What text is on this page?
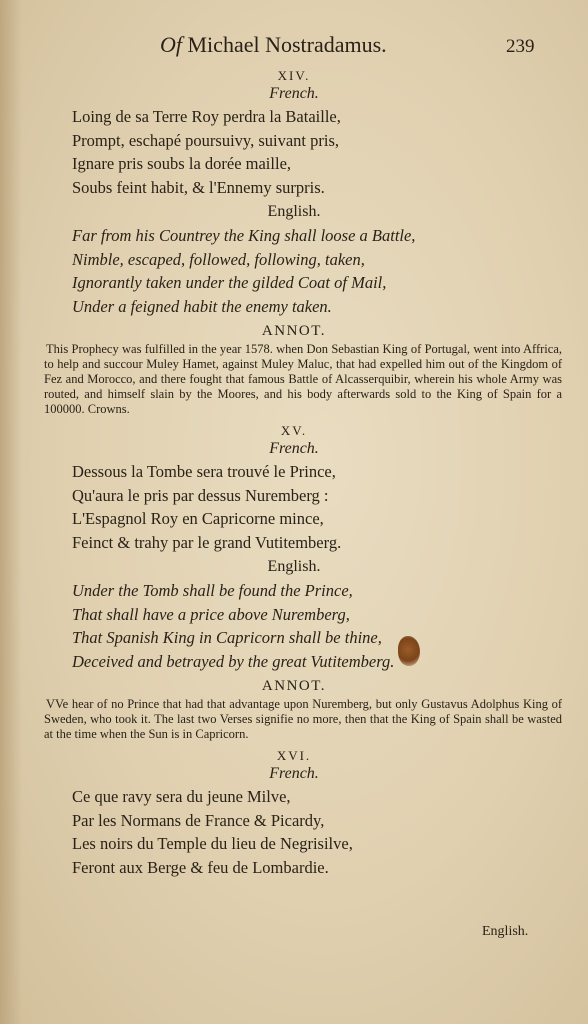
Of Michael Nostradamus.	239

XIV.

French.

Loing de sa Terre Roy perdra la Bataille,
Prompt, eschapé poursuivy, suivant pris,
Ignare pris soubs la dorée maille,
Soubs feint habit, & l'Ennemy surpris.

English.

Far from his Countrey the King shall loose a Battle,
Nimble, escaped, followed, following, taken,
Ignorantly taken under the gilded Coat of Mail,
Under a feigned habit the enemy taken.

ANNOT.

This Prophecy was fulfilled in the year 1578. when Don Sebastian King of Portugal, went into Affrica, to help and succour Muley Hamet, against Muley Maluc, that had expelled him out of the Kingdom of Fez and Morocco, and there fought that famous Battle of Alcasserquibir, wherein his whole Army was routed, and himself slain by the Moores, and his body afterwards sold to the King of Spain for a 100000. Crowns.

XV.

French.

Dessous la Tombe sera trouvé le Prince,
Qu'aura le pris par dessus Nuremberg :
L'Espagnol Roy en Capricorne mince,
Feinct & trahy par le grand Vutitemberg.

English.

Under the Tomb shall be found the Prince,
That shall have a price above Nuremberg,
That Spanish King in Capricorn shall be thine,
Deceived and betrayed by the great Vutitemberg.

ANNOT.

VVe hear of no Prince that had that advantage upon Nuremberg, but only Gustavus Adolphus King of Sweden, who took it. The last two Verses signifie no more, then that the King of Spain shall be wasted at the time when the Sun is in Capricorn.

XVI.

French.

Ce que ravy sera du jeune Milve,
Par les Normans de France & Picardy,
Les noirs du Temple du lieu de Negrisilve,
Feront aux Berge & feu de Lombardie.
English.
